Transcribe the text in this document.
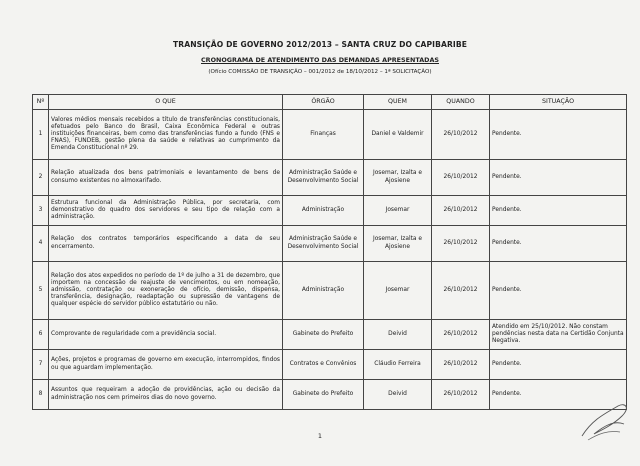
TRANSIÇÃO DE GOVERNO 2012/2013 – SANTA CRUZ DO CAPIBARIBE
CRONOGRAMA DE ATENDIMENTO DAS DEMANDAS APRESENTADAS
(Ofício COMISSÃO DE TRANSIÇÃO – 001/2012 de 18/10/2012 – 1ª SOLICITAÇÃO)
Nº	O QUE	ÓRGÃO	QUEM	QUANDO	SITUAÇÃO
1	Valores médios mensais recebidos a título de transferências constitucionais, efetuados pelo Banco do Brasil, Caixa Econômica Federal e outras instituições financeiras, bem como das transferências fundo a fundo (FNS e FNAS), FUNDEB, gestão plena da saúde e relativas ao cumprimento da Emenda Constitucional nº 29.	Finanças	Daniel e Valdemir	26/10/2012	Pendente.
2	Relação atualizada dos bens patrimoniais e levantamento de bens de consumo existentes no almoxarifado.	Administração Saúde e Desenvolvimento Social	Josemar, Izalta e Ajosiene	26/10/2012	Pendente.
3	Estrutura funcional da Administração Pública, por secretaria, com demonstrativo do quadro dos servidores e seu tipo de relação com a administração.	Administração	Josemar	26/10/2012	Pendente.
4	Relação dos contratos temporários especificando a data de seu encerramento.	Administração Saúde e Desenvolvimento Social	Josemar, Izalta e Ajosiene	26/10/2012	Pendente.
5	Relação dos atos expedidos no período de 1º de julho a 31 de dezembro, que importem na concessão de reajuste de vencimentos, ou em nomeação, admissão, contratação ou exoneração de ofício, demissão, dispensa, transferência, designação, readaptação ou supressão de vantagens de qualquer espécie do servidor público estatutário ou não.	Administração	Josemar	26/10/2012	Pendente.
6	Comprovante de regularidade com a previdência social.	Gabinete do Prefeito	Deivid	26/10/2012	Atendido em 25/10/2012. Não constam pendências nesta data na Certidão Conjunta Negativa.
7	Ações, projetos e programas de governo em execução, interrompidos, findos ou que aguardam implementação.	Contratos e Convênios	Cláudio Ferreira	26/10/2012	Pendente.
8	Assuntos que requeiram a adoção de providências, ação ou decisão da administração nos cem primeiros dias do novo governo.	Gabinete do Prefeito	Deivid	26/10/2012	Pendente.
1
